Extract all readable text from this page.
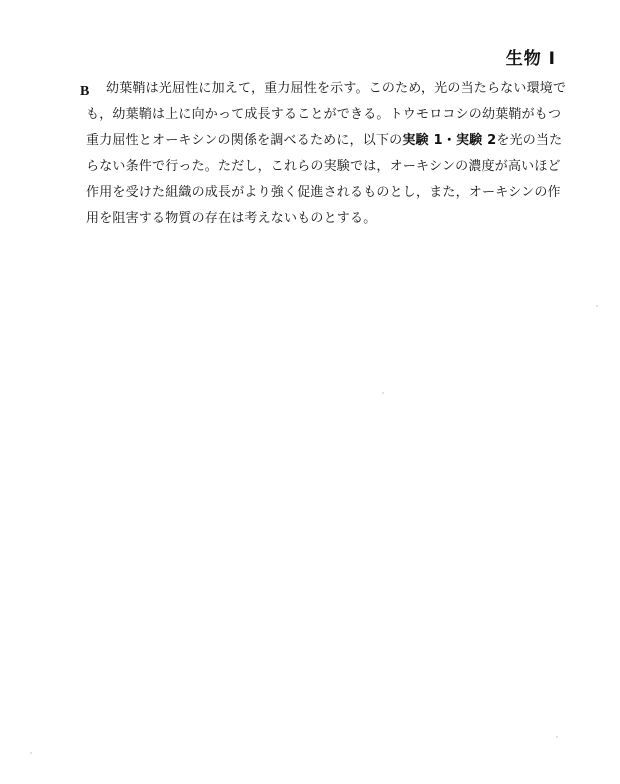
生物 I
B 幼葉鞘は光屈性に加えて，重力屈性を示す。このため，光の当たらない環境で
も，幼葉鞘は上に向かって成長することができる。トウモロコシの幼葉鞘がもつ
重力屈性とオーキシンの関係を調べるために，以下の実験 1・実験 2を光の当た
らない条件で行った。ただし，これらの実験では，オーキシンの濃度が高いほど
作用を受けた組織の成長がより強く促進されるものとし，また，オーキシンの作
用を阻害する物質の存在は考えないものとする。
